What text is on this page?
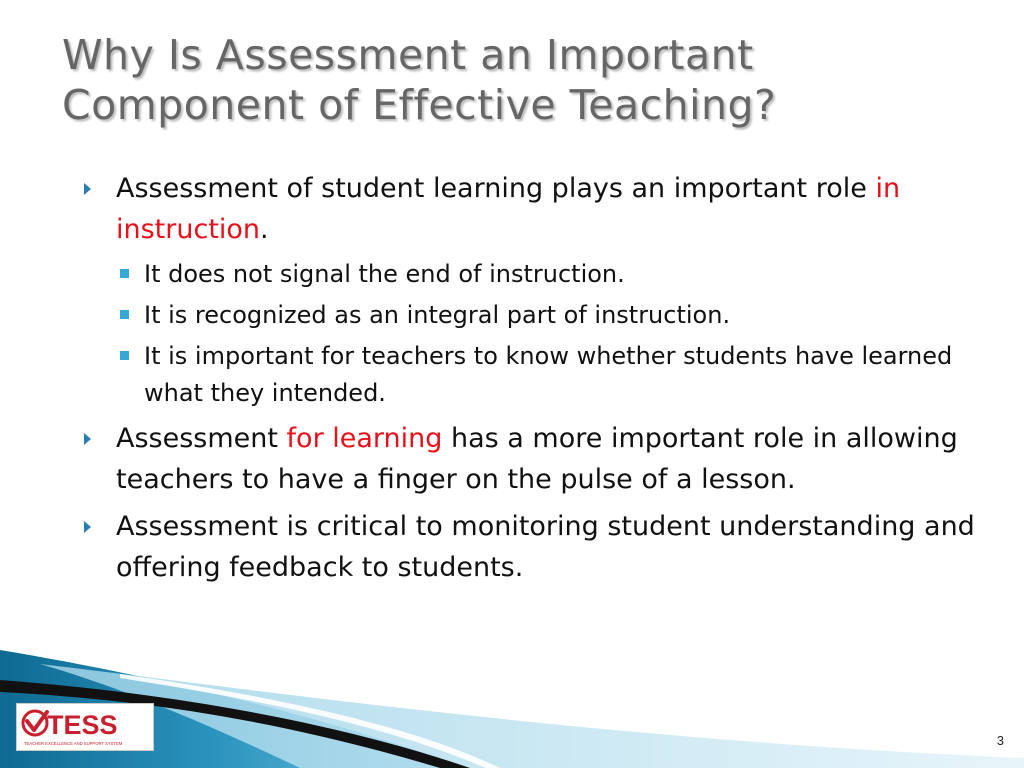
Why Is Assessment an Important Component of Effective Teaching?
Assessment of student learning plays an important role in instruction.
It does not signal the end of instruction.
It is recognized as an integral part of instruction.
It is important for teachers to know whether students have learned what they intended.
Assessment for learning has a more important role in allowing teachers to have a finger on the pulse of a lesson.
Assessment is critical to monitoring student understanding and offering feedback to students.
TESS
TEACHER EXCELLENCE AND SUPPORT SYSTEM	3
